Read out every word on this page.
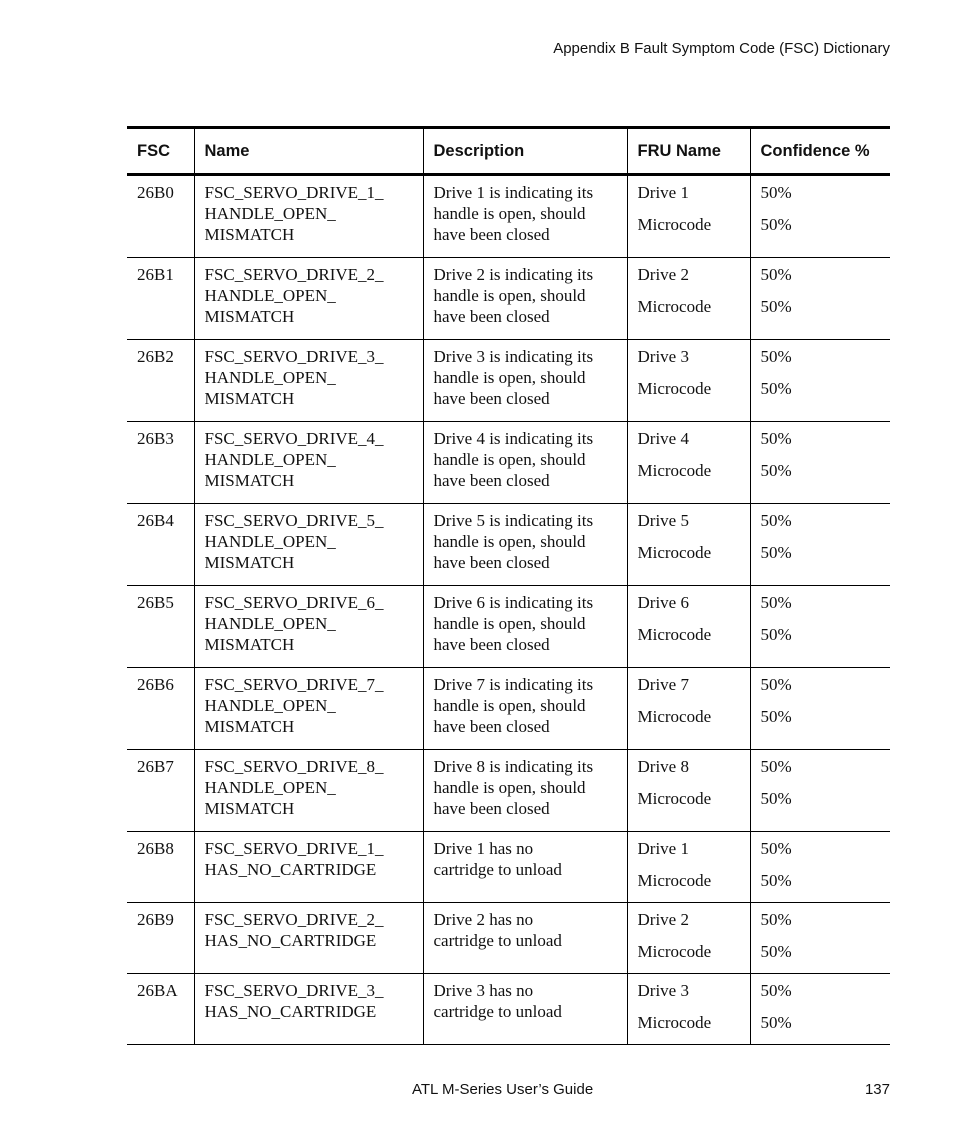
Appendix B Fault Symptom Code (FSC) Dictionary
FSC	Name	Description	FRU Name	Confidence %
26B0	FSC_SERVO_DRIVE_1_
HANDLE_OPEN_
MISMATCH	Drive 1 is indicating its
handle is open, should
have been closed	Drive 1
Microcode	50%
50%

26B1	FSC_SERVO_DRIVE_2_
HANDLE_OPEN_
MISMATCH	Drive 2 is indicating its
handle is open, should
have been closed	Drive 2
Microcode	50%
50%

26B2	FSC_SERVO_DRIVE_3_
HANDLE_OPEN_
MISMATCH	Drive 3 is indicating its
handle is open, should
have been closed	Drive 3
Microcode	50%
50%

26B3	FSC_SERVO_DRIVE_4_
HANDLE_OPEN_
MISMATCH	Drive 4 is indicating its
handle is open, should
have been closed	Drive 4
Microcode	50%
50%

26B4	FSC_SERVO_DRIVE_5_
HANDLE_OPEN_
MISMATCH	Drive 5 is indicating its
handle is open, should
have been closed	Drive 5
Microcode	50%
50%

26B5	FSC_SERVO_DRIVE_6_
HANDLE_OPEN_
MISMATCH	Drive 6 is indicating its
handle is open, should
have been closed	Drive 6
Microcode	50%
50%

26B6	FSC_SERVO_DRIVE_7_
HANDLE_OPEN_
MISMATCH	Drive 7 is indicating its
handle is open, should
have been closed	Drive 7
Microcode	50%
50%

26B7	FSC_SERVO_DRIVE_8_
HANDLE_OPEN_
MISMATCH	Drive 8 is indicating its
handle is open, should
have been closed	Drive 8
Microcode	50%
50%

26B8	FSC_SERVO_DRIVE_1_
HAS_NO_CARTRIDGE	Drive 1 has no
cartridge to unload	Drive 1
Microcode	50%
50%

26B9	FSC_SERVO_DRIVE_2_
HAS_NO_CARTRIDGE	Drive 2 has no
cartridge to unload	Drive 2
Microcode	50%
50%

26BA	FSC_SERVO_DRIVE_3_
HAS_NO_CARTRIDGE	Drive 3 has no
cartridge to unload	Drive 3
Microcode	50%
50%
ATL M-Series User’s Guide	137
